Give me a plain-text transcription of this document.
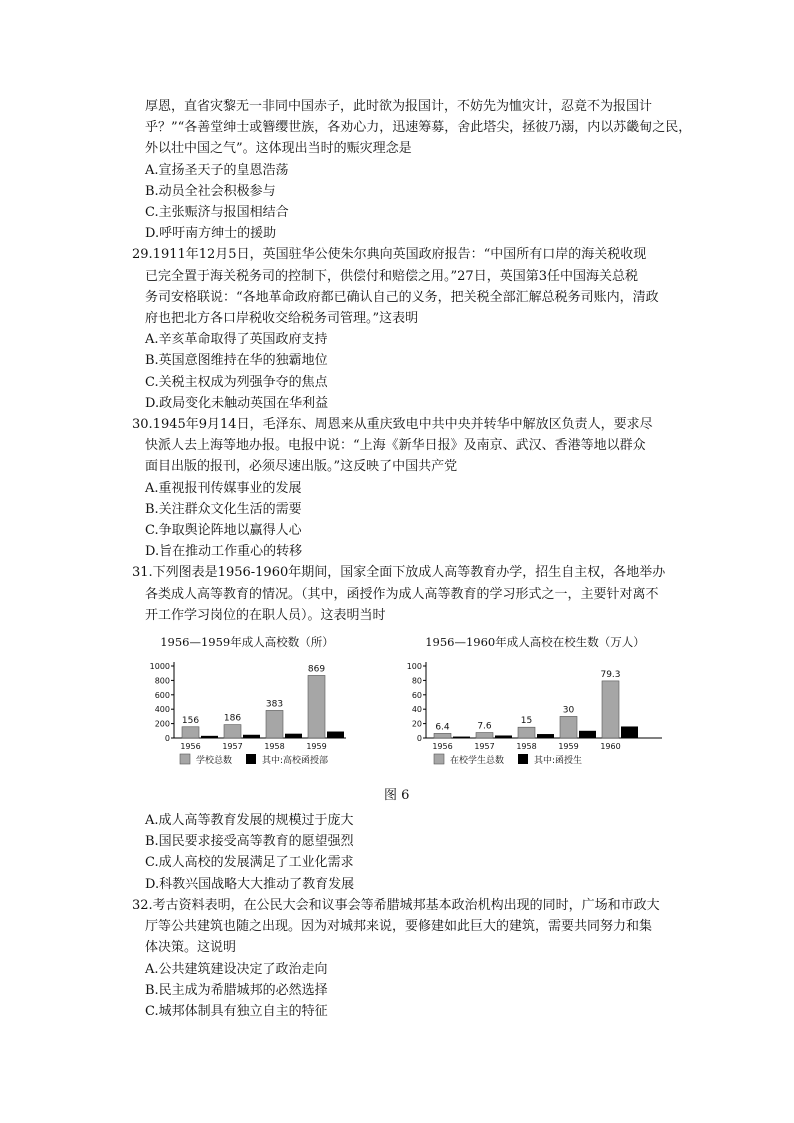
厚恩，直省灾黎无一非同中国赤子，此时欲为报国计，不妨先为恤灾计，忍竟不为报国计
乎？”“各善堂绅士或簪缨世族，各劝心力，迅速筹募，舍此塔尖，拯彼乃溺，内以苏畿甸之民，
外以壮中国之气”。这体现出当时的赈灾理念是
A.宣扬圣天子的皇恩浩荡
B.动员全社会积极参与
C.主张赈济与报国相结合
D.呼吁南方绅士的援助
29.1911年12月5日，英国驻华公使朱尔典向英国政府报告：“中国所有口岸的海关税收现
已完全置于海关税务司的控制下，供偿付和赔偿之用。”27日，英国第3任中国海关总税
务司安格联说：“各地革命政府都已确认自己的义务，把关税全部汇解总税务司账内，清政
府也把北方各口岸税收交给税务司管理。”这表明
A.辛亥革命取得了英国政府支持
B.英国意图维持在华的独霸地位
C.关税主权成为列强争夺的焦点
D.政局变化未触动英国在华利益
30.1945年9月14日，毛泽东、周恩来从重庆致电中共中央并转华中解放区负责人，要求尽
快派人去上海等地办报。电报中说：“上海《新华日报》及南京、武汉、香港等地以群众
面目出版的报刊，必须尽速出版。”这反映了中国共产党
A.重视报刊传媒事业的发展
B.关注群众文化生活的需要
C.争取舆论阵地以赢得人心
D.旨在推动工作重心的转移
31.下列图表是1956-1960年期间，国家全面下放成人高等教育办学，招生自主权，各地举办
各类成人高等教育的情况。（其中，函授作为成人高等教育的学习形式之一，主要针对离不
开工作学习岗位的在职人员）。这表明当时
1956—1959年成人高校数（所）
0
200
400
600
800
1000
156
1956
186
1957
383
1958
869
1959
学校总数	其中:高校函授部
1956—1960年成人高校在校生数（万人）
0
20
40
60
80
100
6.4
1956
7.6
1957
15
1958
30
1959
79.3
1960
在校学生总数	其中:函授生
图 6
A.成人高等教育发展的规模过于庞大
B.国民要求接受高等教育的愿望强烈
C.成人高校的发展满足了工业化需求
D.科教兴国战略大大推动了教育发展
32.考古资料表明，在公民大会和议事会等希腊城邦基本政治机构出现的同时，广场和市政大
厅等公共建筑也随之出现。因为对城邦来说，要修建如此巨大的建筑，需要共同努力和集
体决策。这说明
A.公共建筑建设决定了政治走向
B.民主成为希腊城邦的必然选择
C.城邦体制具有独立自主的特征
